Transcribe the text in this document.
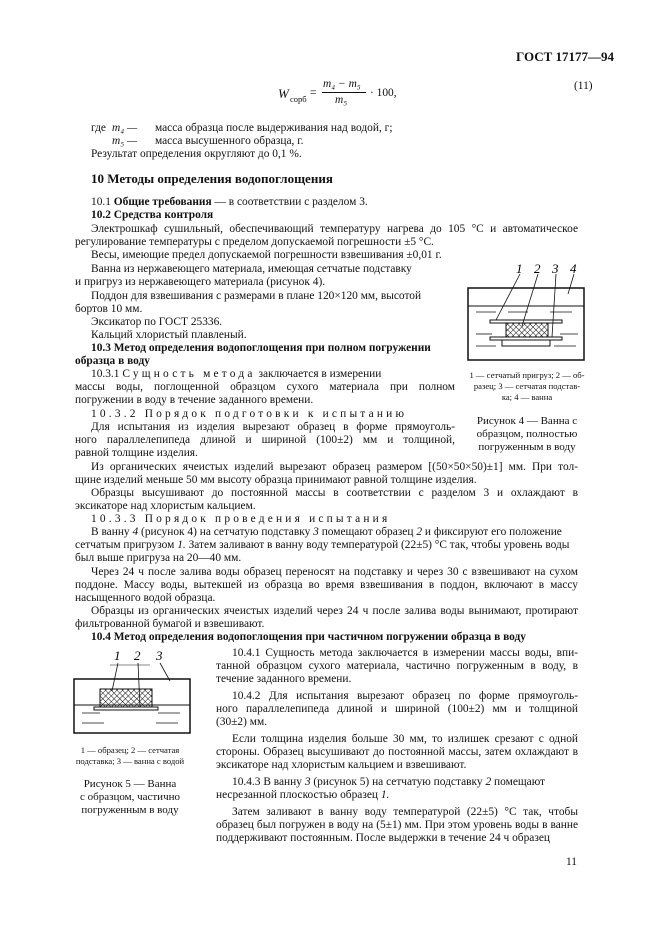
ГОСТ 17177—94
W сорб =
m₄ − m₅
m₅
· 100,
(11)
где m₄ — масса образца после выдерживания над водой, г;
m₅ — масса высушенного образца, г.
Результат определения округляют до 0,1 %.
10 Методы определения водопоглощения
10.1 Общие требования — в соответствии с разделом 3.
10.2 Средства контроля
Электрошкаф сушильный, обеспечивающий температуру нагрева до 105 °С и автоматическое
регулирование температуры с пределом допускаемой погрешности ±5 °С.
Весы, имеющие предел допускаемой погрешности взвешивания ±0,01 г.
Ванна из нержавеющего материала, имеющая сетчатые подставку
и пригруз из нержавеющего материала (рисунок 4).
Поддон для взвешивания с размерами в плане 120×120 мм, высотой
бортов 10 мм.
Эксикатор по ГОСТ 25336.
Кальций хлористый плавленый.
10.3 Метод определения водопоглощения при полном погружении
образца в воду
10.3.1 Сущность метода заключается в измерении
массы воды, поглощенной образцом сухого материала при полном
погружении в воду в течение заданного времени.
10.3.2 Порядок подготовки к испытанию
Для испытания из изделия вырезают образец в форме прямоуголь-
ного параллелепипеда длиной и шириной (100±2) мм и толщиной,
равной толщине изделия.
Из органических ячеистых изделий вырезают образец размером [(50×50×50)±1] мм. При тол-
щине изделий меньше 50 мм высоту образца принимают равной толщине изделия.
Образцы высушивают до постоянной массы в соответствии с разделом 3 и охлаждают в
эксикаторе над хлористым кальцием.
10.3.3 Порядок проведения испытания
В ванну 4 (рисунок 4) на сетчатую подставку 3 помещают образец 2 и фиксируют его положение
сетчатым пригрузом 1. Затем заливают в ванну воду температурой (22±5) °С так, чтобы уровень воды
был выше пригруза на 20—40 мм.
Через 24 ч после залива воды образец переносят на подставку и через 30 с взвешивают на сухом
поддоне. Массу воды, вытекшей из образца во время взвешивания в поддон, включают в массу
насыщенного водой образца.
Образцы из органических ячеистых изделий через 24 ч после залива воды вынимают, протирают
фильтрованной бумагой и взвешивают.
10.4 Метод определения водопоглощения при частичном погружении образца в воду
10.4.1 Сущность метода заключается в измерении массы воды, впи-
танной образцом сухого материала, частично погруженным в воду, в
течение заданного времени.
10.4.2 Для испытания вырезают образец по форме прямоуголь-
ного параллелепипеда длиной и шириной (100±2) мм и толщиной
(30±2) мм.
Если толщина изделия больше 30 мм, то излишек срезают с одной
стороны. Образец высушивают до постоянной массы, затем охлаждают в
эксикаторе над хлористым кальцием и взвешивают.
10.4.3 В ванну 3 (рисунок 5) на сетчатую подставку 2 помещают
несрезанной плоскостью образец 1.
Затем заливают в ванну воду температурой (22±5) °С так, чтобы
образец был погружен в воду на (5±1) мм. При этом уровень воды в ванне
поддерживают постоянным. После выдержки в течение 24 ч образец
1 2 3 4
1 — сетчатый пригруз; 2 — об-
разец; 3 — сетчатая подстав-
ка; 4 — ванна
Рисунок 4 — Ванна с
образцом, полностью
погруженным в воду
1 2 3
1 — образец; 2 — сетчатая
подставка; 3 — ванна с водой
Рисунок 5 — Ванна
с образцом, частично
погруженным в воду
11
